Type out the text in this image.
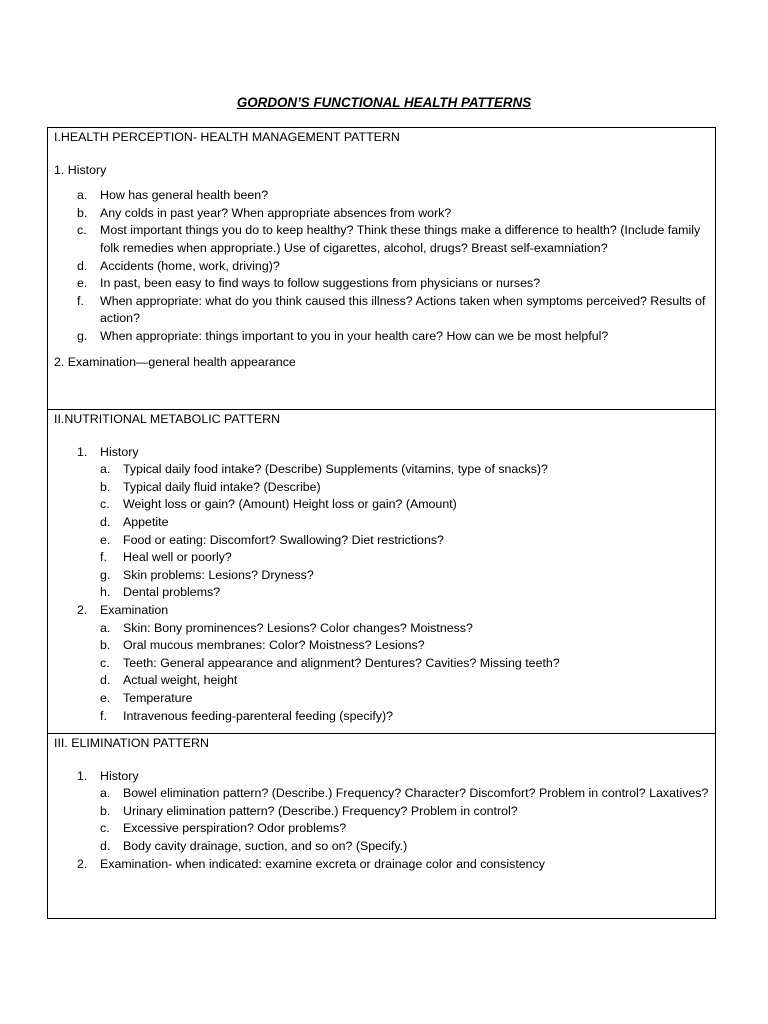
GORDON’S FUNCTIONAL HEALTH PATTERNS

I.HEALTH PERCEPTION- HEALTH MANAGEMENT PATTERN

1. History

a. How has general health been?
b. Any colds in past year? When appropriate absences from work?
c. Most important things you do to keep healthy? Think these things make a difference to health? (Include family folk remedies when appropriate.) Use of cigarettes, alcohol, drugs? Breast self-examniation?
d. Accidents (home, work, driving)?
e. In past, been easy to find ways to follow suggestions from physicians or nurses?
f. When appropriate: what do you think caused this illness? Actions taken when symptoms perceived? Results of action?
g. When appropriate: things important to you in your health care? How can we be most helpful?

2. Examination—general health appearance

II.NUTRITIONAL METABOLIC PATTERN

1. History

a. Typical daily food intake? (Describe) Supplements (vitamins, type of snacks)?
b. Typical daily fluid intake? (Describe)
c. Weight loss or gain? (Amount) Height loss or gain? (Amount)
d. Appetite
e. Food or eating: Discomfort? Swallowing? Diet restrictions?
f. Heal well or poorly?
g. Skin problems: Lesions? Dryness?
h. Dental problems?

2. Examination

a. Skin: Bony prominences? Lesions? Color changes? Moistness?
b. Oral mucous membranes: Color? Moistness? Lesions?
c. Teeth: General appearance and alignment? Dentures? Cavities? Missing teeth?
d. Actual weight, height
e. Temperature
f. Intravenous feeding-parenteral feeding (specify)?

III. ELIMINATION PATTERN

1. History

a. Bowel elimination pattern? (Describe.) Frequency? Character? Discomfort? Problem in control? Laxatives?
b. Urinary elimination pattern? (Describe.) Frequency? Problem in control?
c. Excessive perspiration? Odor problems?
d. Body cavity drainage, suction, and so on? (Specify.)

2. Examination- when indicated: examine excreta or drainage color and consistency
